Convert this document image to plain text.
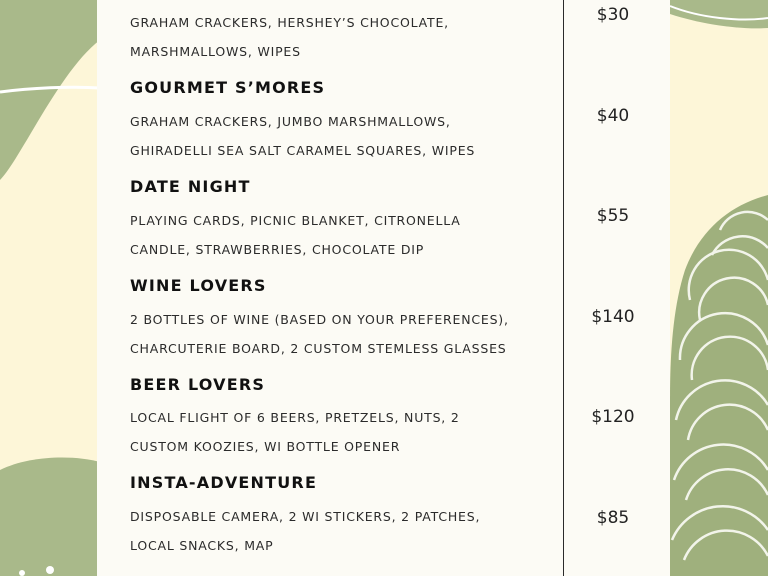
GRAHAM CRACKERS, HERSHEY’S CHOCOLATE,
MARSHMALLOWS, WIPES
$30
GOURMET S’MORES
GRAHAM CRACKERS, JUMBO MARSHMALLOWS,
GHIRADELLI SEA SALT CARAMEL SQUARES, WIPES
$40
DATE NIGHT
PLAYING CARDS, PICNIC BLANKET, CITRONELLA
CANDLE, STRAWBERRIES, CHOCOLATE DIP
$55
WINE LOVERS
2 BOTTLES OF WINE (BASED ON YOUR PREFERENCES),
CHARCUTERIE BOARD, 2 CUSTOM STEMLESS GLASSES
$140
BEER LOVERS
LOCAL FLIGHT OF 6 BEERS, PRETZELS, NUTS, 2
CUSTOM KOOZIES, WI BOTTLE OPENER
$120
INSTA-ADVENTURE
DISPOSABLE CAMERA, 2 WI STICKERS, 2 PATCHES,
LOCAL SNACKS, MAP
$85
